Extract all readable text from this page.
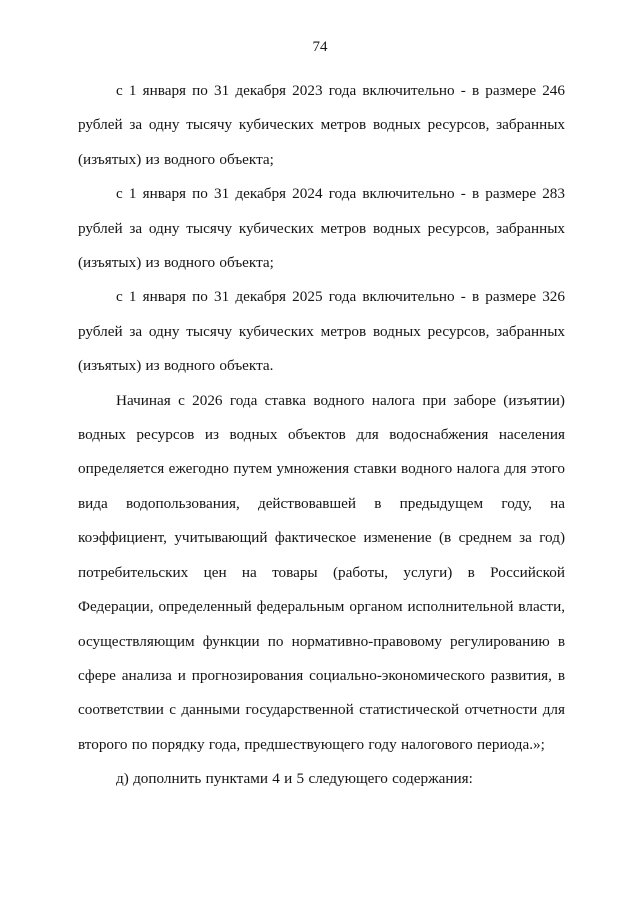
74

с 1 января по 31 декабря 2023 года включительно - в размере 246 рублей за одну тысячу кубических метров водных ресурсов, забранных (изъятых) из водного объекта;

с 1 января по 31 декабря 2024 года включительно - в размере 283 рублей за одну тысячу кубических метров водных ресурсов, забранных (изъятых) из водного объекта;

с 1 января по 31 декабря 2025 года включительно - в размере 326 рублей за одну тысячу кубических метров водных ресурсов, забранных (изъятых) из водного объекта.

Начиная с 2026 года ставка водного налога при заборе (изъятии) водных ресурсов из водных объектов для водоснабжения населения определяется ежегодно путем умножения ставки водного налога для этого вида водопользования, действовавшей в предыдущем году, на коэффициент, учитывающий фактическое изменение (в среднем за год) потребительских цен на товары (работы, услуги) в Российской Федерации, определенный федеральным органом исполнительной власти, осуществляющим функции по нормативно-правовому регулированию в сфере анализа и прогнозирования социально-экономического развития, в соответствии с данными государственной статистической отчетности для второго по порядку года, предшествующего году налогового периода.»;

д) дополнить пунктами 4 и 5 следующего содержания:
